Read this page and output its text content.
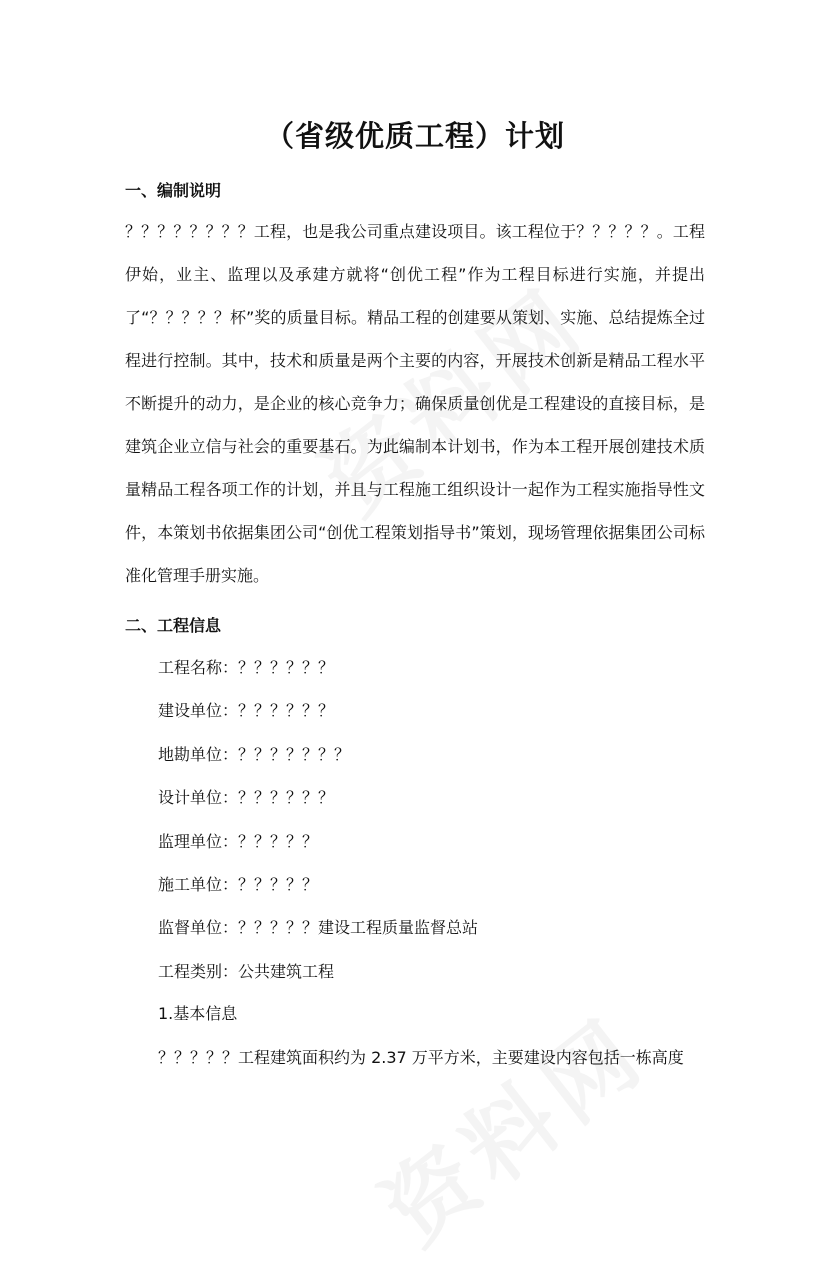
（省级优质工程）计划
一、编制说明

？？？？？？？？工程，也是我公司重点建设项目。该工程位于？？？？？。工程伊始，业主、监理以及承建方就将“创优工程”作为工程目标进行实施，并提出了“？？？？？杯”奖的质量目标。精品工程的创建要从策划、实施、总结提炼全过程进行控制。其中，技术和质量是两个主要的内容，开展技术创新是精品工程水平不断提升的动力，是企业的核心竞争力；确保质量创优是工程建设的直接目标，是建筑企业立信与社会的重要基石。为此编制本计划书，作为本工程开展创建技术质量精品工程各项工作的计划，并且与工程施工组织设计一起作为工程实施指导性文件，本策划书依据集团公司“创优工程策划指导书”策划，现场管理依据集团公司标准化管理手册实施。

二、工程信息
工程名称：？？？？？？
建设单位：？？？？？？
地勘单位：？？？？？？？
设计单位：？？？？？？
监理单位：？？？？？
施工单位：？？？？？
监督单位：？？？？？建设工程质量监督总站
工程类别：公共建筑工程
1.基本信息
？？？？？工程建筑面积约为 2.37 万平方米，主要建设内容包括一栋高度
